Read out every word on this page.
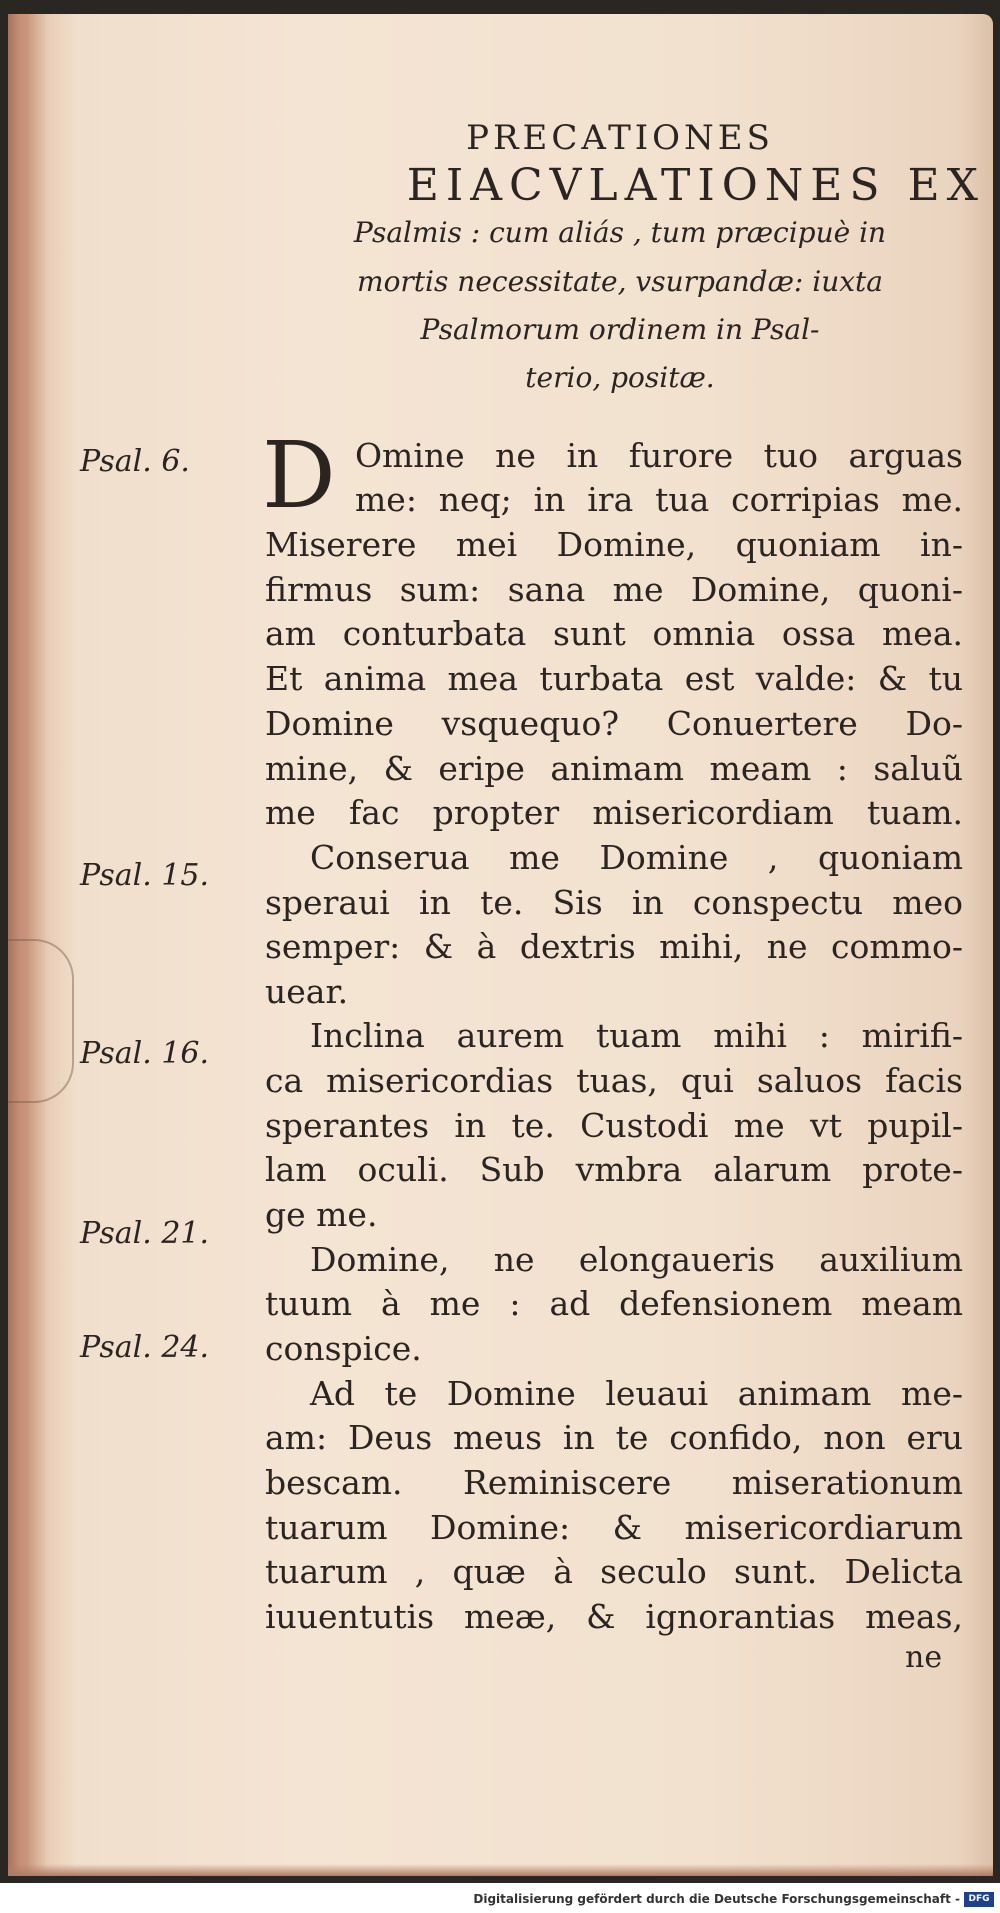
PRECATIONES
EIACVLATIONES EX
Psalmis : cum aliás , tum præcipuè in
mortis necessitate, vsurpandæ: iuxta
Psalmorum ordinem in Psal-
terio, positæ.
Psal. 6.
Psal. 15.
Psal. 16.
Psal. 21.
Psal. 24.
D Omine ne in furore tuo arguas
me: neq; in ira tua corripias me.
Miserere mei Domine, quoniam in-
firmus sum: sana me Domine, quoni-
am conturbata sunt omnia ossa mea.
Et anima mea turbata est valde: & tu
Domine vsquequo? Conuertere Do-
mine, & eripe animam meam : saluũ
me fac propter misericordiam tuam.
Conserua me Domine , quoniam
speraui in te. Sis in conspectu meo
semper: & à dextris mihi, ne commo-
uear.
Inclina aurem tuam mihi : mirifi-
ca misericordias tuas, qui saluos facis
sperantes in te. Custodi me vt pupil-
lam oculi. Sub vmbra alarum prote-
ge me.
Domine, ne elongaueris auxilium
tuum à me : ad defensionem meam
conspice.
Ad te Domine leuaui animam me-
am: Deus meus in te confido, non eru
bescam. Reminiscere miserationum
tuarum Domine: & misericordiarum
tuarum , quæ à seculo sunt. Delicta
iuuentutis meæ, & ignorantias meas,
ne
Digitalisierung gefördert durch die Deutsche Forschungsgemeinschaft - DFG
